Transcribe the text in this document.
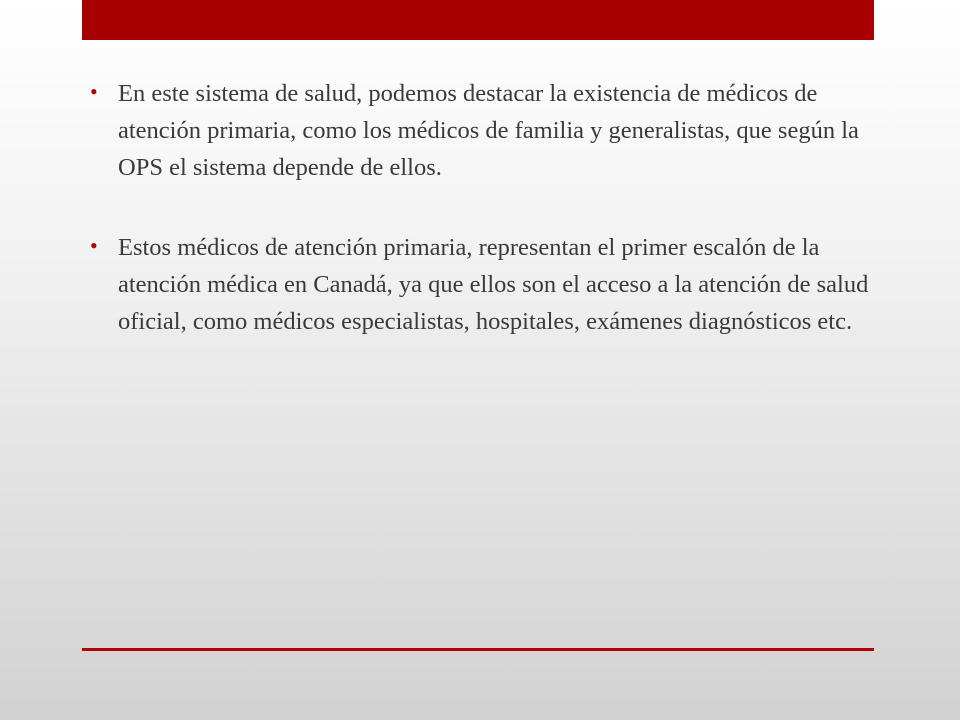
• En este sistema de salud, podemos destacar la existencia de médicos de atención primaria, como los médicos de familia y generalistas, que según la OPS el sistema depende de ellos.
• Estos médicos de atención primaria, representan el primer escalón de la atención médica en Canadá, ya que ellos son el acceso a la atención de salud oficial, como médicos especialistas, hospitales, exámenes diagnósticos etc.
